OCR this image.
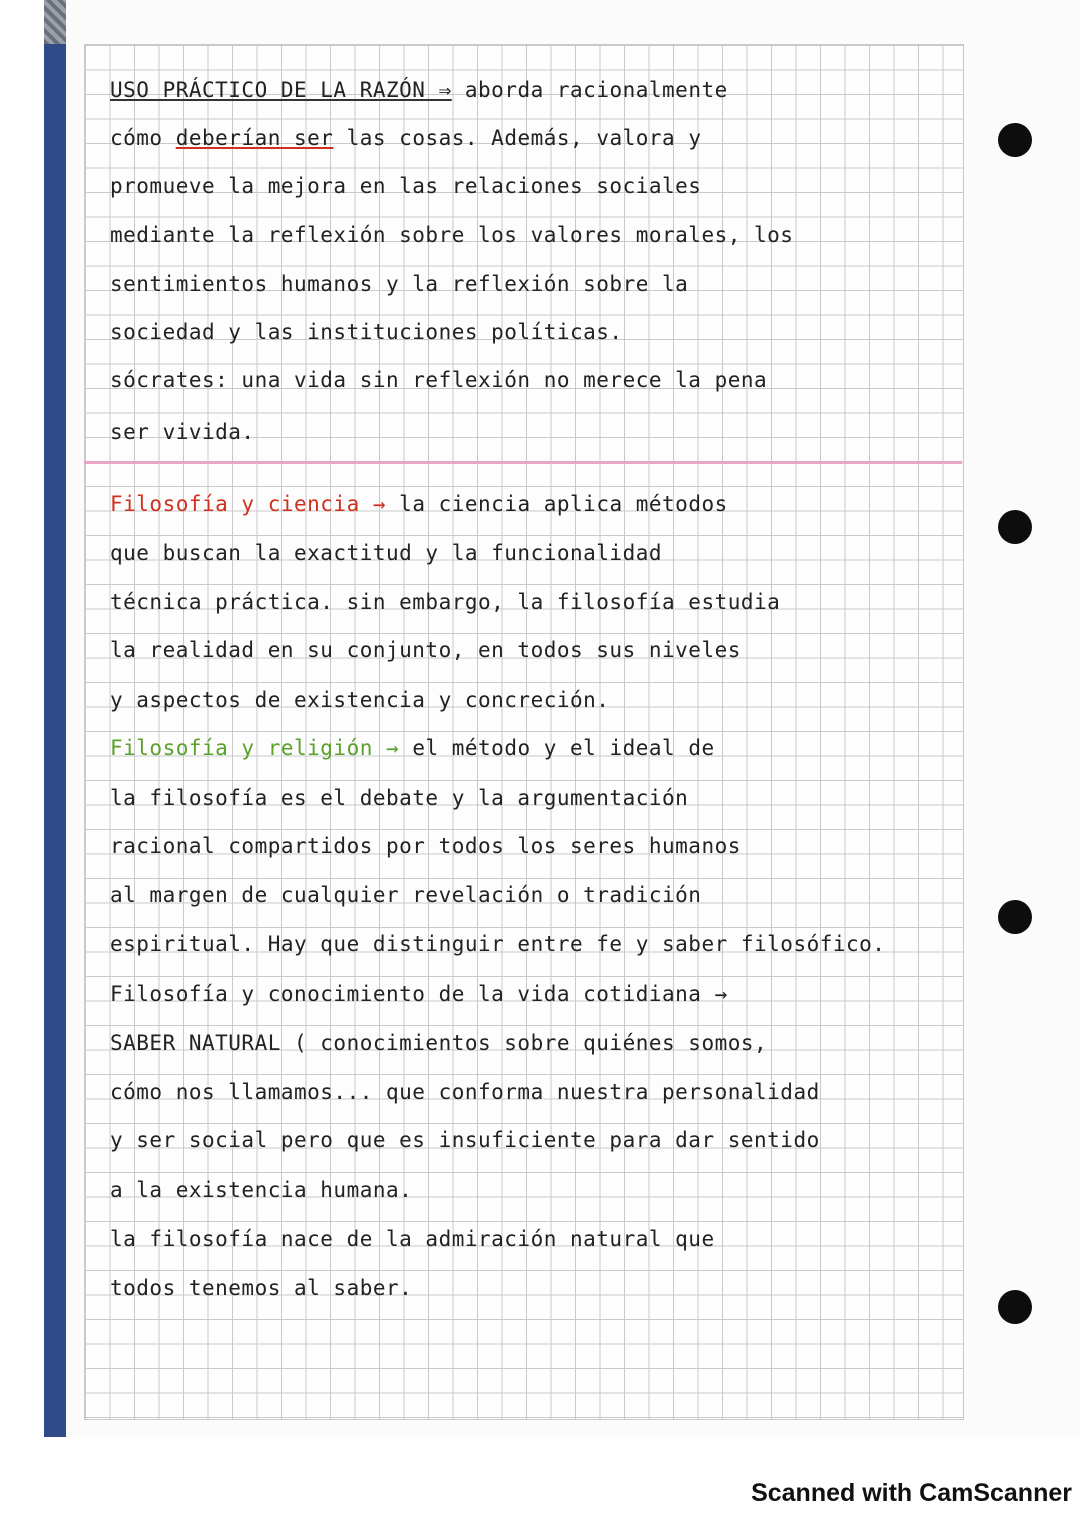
USO PRÁCTICO DE LA RAZÓN ⇒ aborda racionalmente
cómo deberían ser las cosas. Además, valora y
promueve la mejora en las relaciones sociales
mediante la reflexión sobre los valores morales, los
sentimientos humanos y la reflexión sobre la
sociedad y las instituciones políticas.
sócrates: una vida sin reflexión no merece la pena
ser vivida.
Filosofía y ciencia → la ciencia aplica métodos
que buscan la exactitud y la funcionalidad
técnica práctica. sin embargo, la filosofía estudia
la realidad en su conjunto, en todos sus niveles
y aspectos de existencia y concreción.
Filosofía y religión → el método y el ideal de
la filosofía es el debate y la argumentación
racional compartidos por todos los seres humanos
al margen de cualquier revelación o tradición
espiritual. Hay que distinguir entre fe y saber filosófico.
Filosofía y conocimiento de la vida cotidiana →
SABER NATURAL ( conocimientos sobre quiénes somos,
cómo nos llamamos... que conforma nuestra personalidad
y ser social pero que es insuficiente para dar sentido
a la existencia humana.
la filosofía nace de la admiración natural que
todos tenemos al saber.
Scanned with CamScanner
